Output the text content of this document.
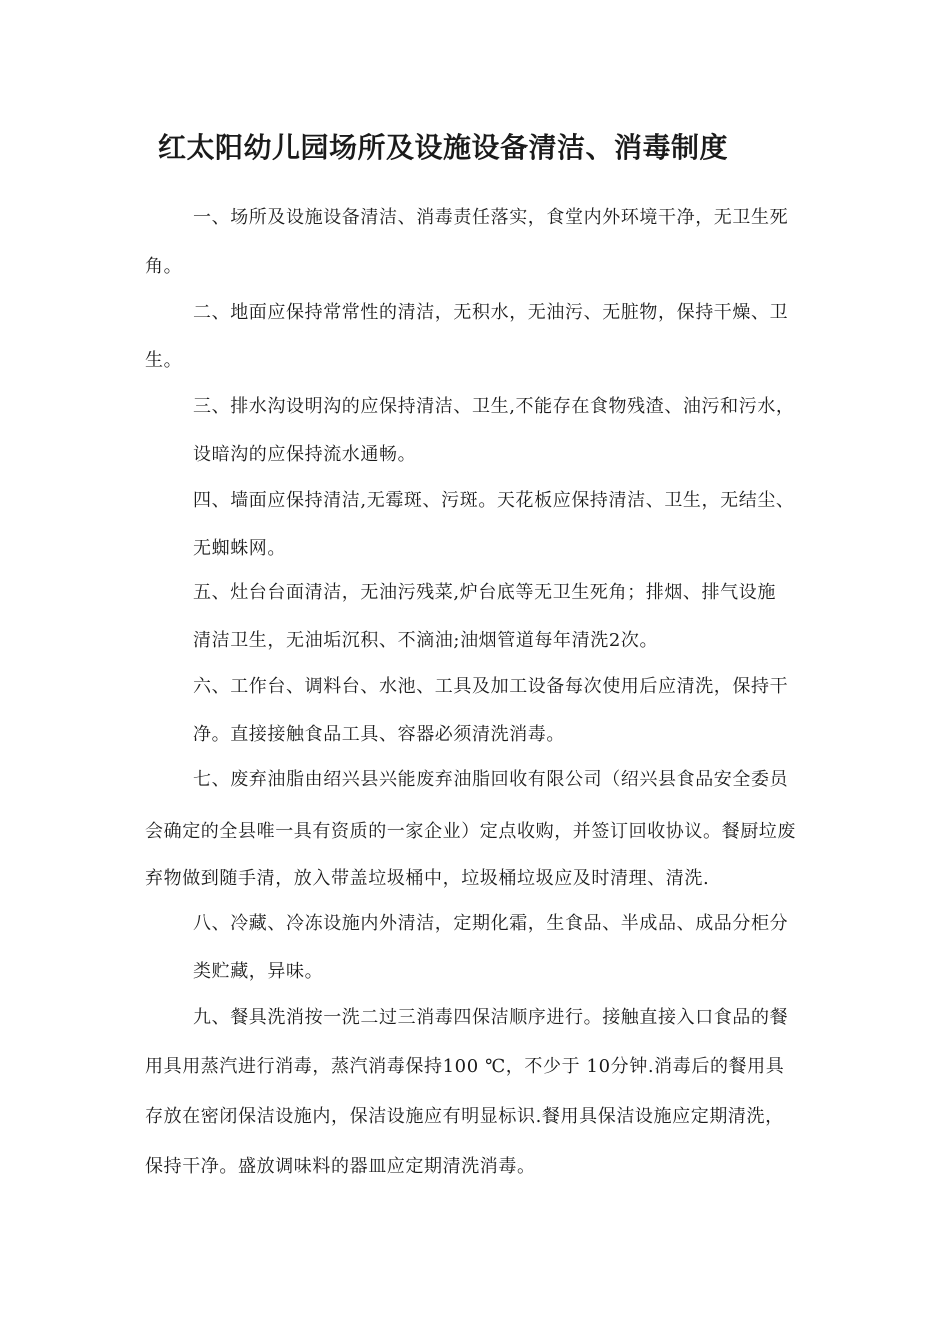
红太阳幼儿园场所及设施设备清洁、消毒制度
一、场所及设施设备清洁、消毒责任落实，食堂内外环境干净，无卫生死
角。
二、地面应保持常常性的清洁，无积水，无油污、无脏物，保持干燥、卫
生。
三、排水沟设明沟的应保持清洁、卫生,不能存在食物残渣、油污和污水，
设暗沟的应保持流水通畅。
四、墙面应保持清洁,无霉斑、污斑。天花板应保持清洁、卫生，无结尘、
无蜘蛛网。
五、灶台台面清洁，无油污残菜,炉台底等无卫生死角；排烟、排气设施
清洁卫生，无油垢沉积、不滴油;油烟管道每年清洗2次。
六、工作台、调料台、水池、工具及加工设备每次使用后应清洗，保持干
净。直接接触食品工具、容器必须清洗消毒。
七、废弃油脂由绍兴县兴能废弃油脂回收有限公司（绍兴县食品安全委员
会确定的全县唯一具有资质的一家企业）定点收购，并签订回收协议。餐厨垃废
弃物做到随手清，放入带盖垃圾桶中，垃圾桶垃圾应及时清理、清洗.
八、冷藏、冷冻设施内外清洁，定期化霜，生食品、半成品、成品分柜分
类贮藏，异味。
九、餐具洗消按一洗二过三消毒四保洁顺序进行。接触直接入口食品的餐
用具用蒸汽进行消毒，蒸汽消毒保持100 ℃，不少于 10分钟.消毒后的餐用具
存放在密闭保洁设施内，保洁设施应有明显标识.餐用具保洁设施应定期清洗，
保持干净。盛放调味料的器皿应定期清洗消毒。
